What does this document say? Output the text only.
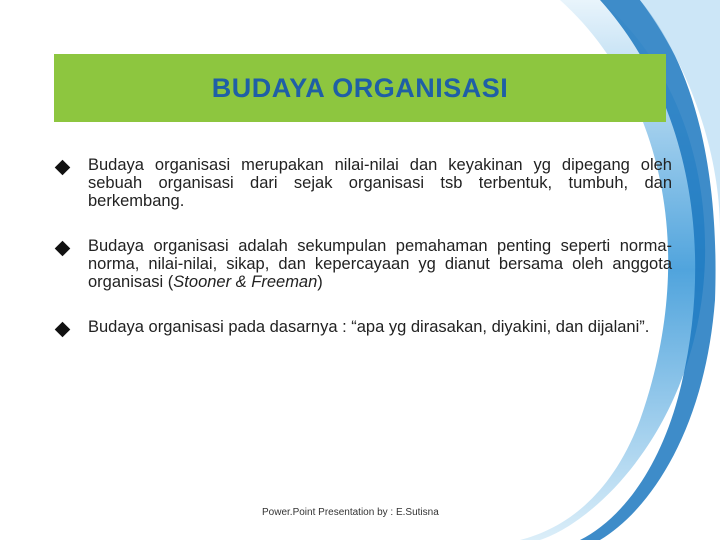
BUDAYA ORGANISASI
Budaya organisasi merupakan nilai-nilai dan keyakinan yg dipegang oleh sebuah organisasi dari sejak organisasi tsb terbentuk, tumbuh, dan berkembang.
Budaya organisasi adalah sekumpulan pemahaman penting seperti norma-norma, nilai-nilai, sikap, dan kepercayaan yg dianut bersama oleh anggota organisasi (Stooner & Freeman)
Budaya organisasi pada dasarnya : “apa yg dirasakan, diyakini, dan dijalani”.
Power.Point Presentation by : E.Sutisna
